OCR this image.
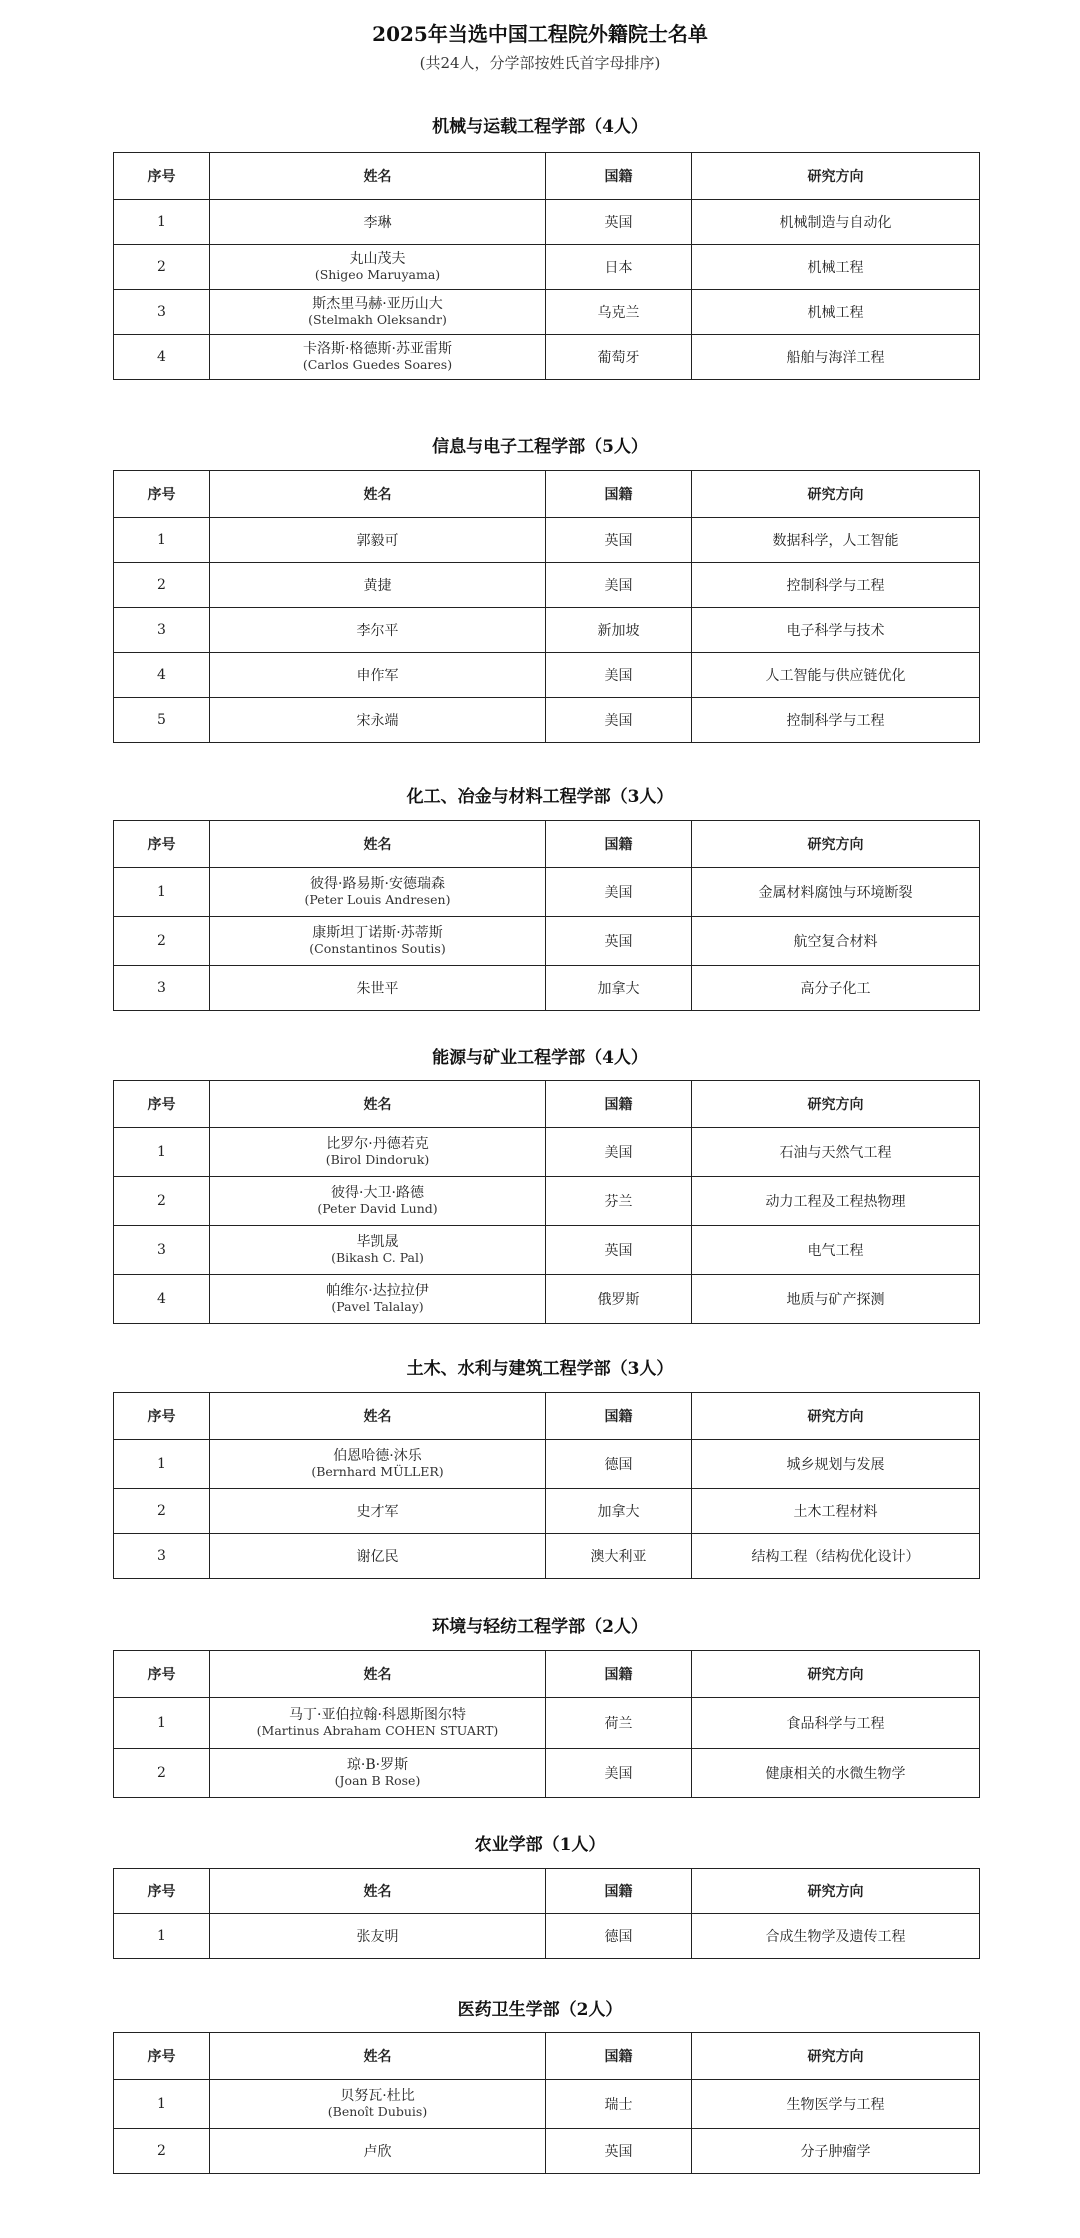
2025年当选中国工程院外籍院士名单
(共24人，分学部按姓氏首字母排序)
机械与运载工程学部（4人）
序号	姓名	国籍	研究方向
1	李琳	英国	机械制造与自动化
2	丸山茂夫
(Shigeo Maruyama)	日本	机械工程
3	斯杰里马赫·亚历山大
(Stelmakh Oleksandr)	乌克兰	机械工程
4	卡洛斯·格德斯·苏亚雷斯
(Carlos Guedes Soares)	葡萄牙	船舶与海洋工程
信息与电子工程学部（5人）
序号	姓名	国籍	研究方向
1	郭毅可	英国	数据科学，人工智能
2	黄捷	美国	控制科学与工程
3	李尔平	新加坡	电子科学与技术
4	申作军	美国	人工智能与供应链优化
5	宋永端	美国	控制科学与工程
化工、冶金与材料工程学部（3人）
序号	姓名	国籍	研究方向
1	彼得·路易斯·安德瑞森
(Peter Louis Andresen)	美国	金属材料腐蚀与环境断裂
2	康斯坦丁诺斯·苏蒂斯
(Constantinos Soutis)	英国	航空复合材料
3	朱世平	加拿大	高分子化工
能源与矿业工程学部（4人）
序号	姓名	国籍	研究方向
1	比罗尔·丹德若克
(Birol Dindoruk)	美国	石油与天然气工程
2	彼得·大卫·路德
(Peter David Lund)	芬兰	动力工程及工程热物理
3	毕凯晟
(Bikash C. Pal)	英国	电气工程
4	帕维尔·达拉拉伊
(Pavel Talalay)	俄罗斯	地质与矿产探测
土木、水利与建筑工程学部（3人）
序号	姓名	国籍	研究方向
1	伯恩哈德·沐乐
(Bernhard MÜLLER)	德国	城乡规划与发展
2	史才军	加拿大	土木工程材料
3	谢亿民	澳大利亚	结构工程（结构优化设计）
环境与轻纺工程学部（2人）
序号	姓名	国籍	研究方向
1	马丁·亚伯拉翰·科恩斯图尔特
(Martinus Abraham COHEN STUART)	荷兰	食品科学与工程
2	琼·B·罗斯
(Joan B Rose)	美国	健康相关的水微生物学
农业学部（1人）
序号	姓名	国籍	研究方向
1	张友明	德国	合成生物学及遗传工程
医药卫生学部（2人）
序号	姓名	国籍	研究方向
1	贝努瓦·杜比
(Benoît Dubuis)	瑞士	生物医学与工程
2	卢欣	英国	分子肿瘤学
